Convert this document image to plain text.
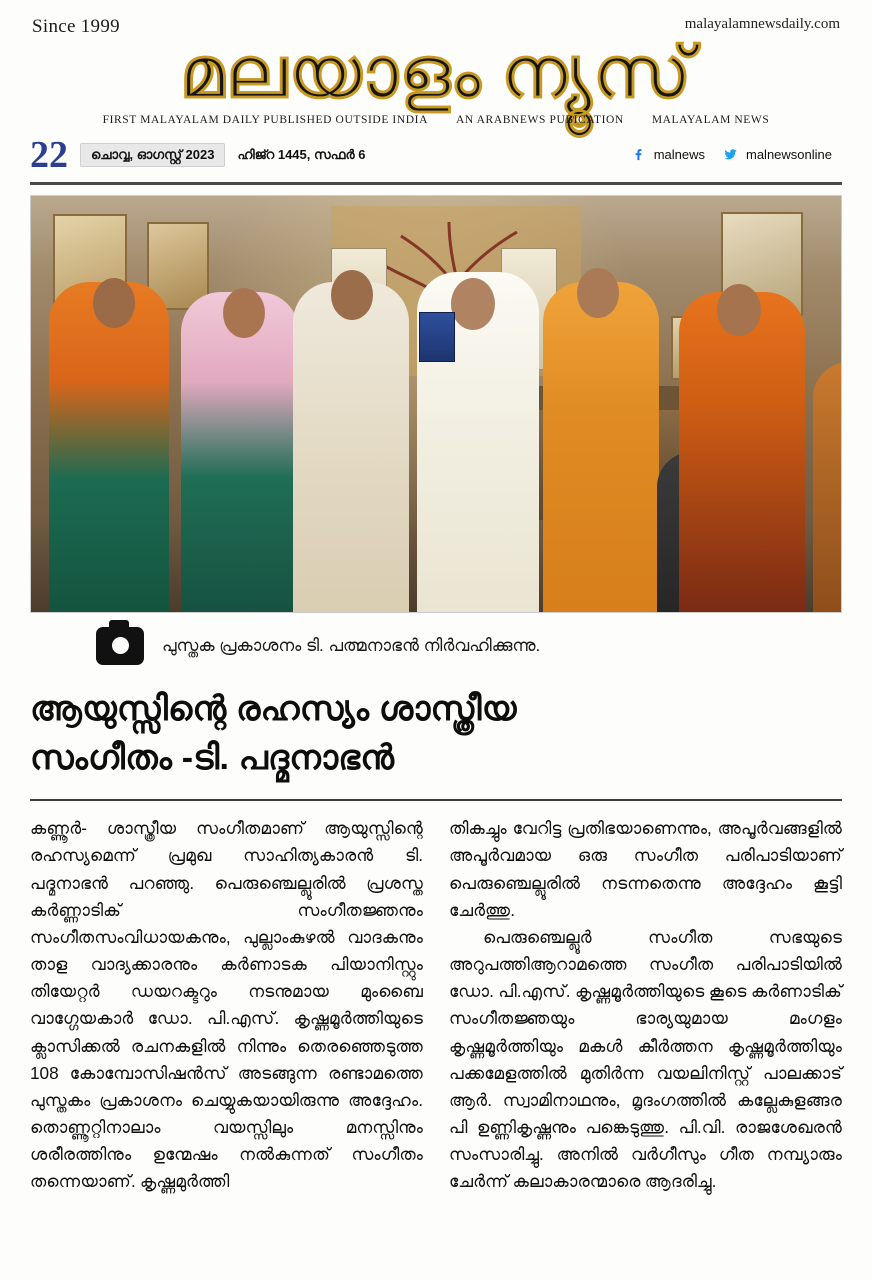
Since 1999	malayalamnewsdaily.com
മലയാളം ന്യൂസ്
FIRST MALAYALAM DAILY PUBLISHED OUTSIDE INDIA AN ARABNEWS PUBICATION MALAYALAM NEWS
22	ചൊവ്വ, ഓഗസ്റ്റ് 2023	ഹിജ്റ 1445, സഫർ 6	malnews	malnewsonline
പുസ്തക പ്രകാശനം ടി. പത്മനാഭൻ നിർവഹിക്കുന്നു.
ആയുസ്സിന്റെ രഹസ്യം ശാസ്ത്രീയ
സംഗീതം -ടി. പദ്മനാഭൻ

കണ്ണൂർ- ശാസ്ത്രീയ സംഗീതമാണ് ആയുസ്സിന്റെ രഹസ്യമെന്ന് പ്രമുഖ സാഹിത്യകാരൻ ടി. പദ്മനാഭൻ പറഞ്ഞു. പെരുഞ്ചെല്ലൂരിൽ പ്രശസ്ത കർണ്ണാടിക് സംഗീതജ്ഞനും സംഗീതസംവിധായകനും, പുല്ലാംകുഴൽ വാദകനും താള വാദ്യക്കാരനും കർണാടക പിയാനിസ്റ്റും തിയേറ്റർ ഡയറക്ടറും നടനുമായ മുംബൈ വാഗ്ഗേയകാർ ഡോ. പി.എസ്. കൃഷ്ണമൂർത്തിയുടെ ക്ലാസിക്കൽ രചനകളിൽ നിന്നും തെരഞ്ഞെടുത്ത 108 കോമ്പോസിഷൻസ് അടങ്ങുന്ന രണ്ടാമത്തെ പുസ്തകം പ്രകാശനം ചെയ്യുകയായിരുന്നു അദ്ദേഹം. തൊണ്ണൂറ്റിനാലാം വയസ്സിലും മനസ്സിനും ശരീരത്തിനും ഉന്മേഷം നൽകുന്നത് സംഗീതം തന്നെയാണ്. കൃഷ്ണമുർത്തി

തികച്ചും വേറിട്ട പ്രതിഭയാണെന്നും, അപൂർവങ്ങളിൽ അപൂർവമായ ഒരു സംഗീത പരിപാടിയാണ് പെരുഞ്ചെല്ലൂരിൽ നടന്നതെന്നു അദ്ദേഹം കൂട്ടി ചേർത്തു.

പെരുഞ്ചെല്ലൂർ സംഗീത സഭയുടെ അറുപത്തിആറാമത്തെ സംഗീത പരിപാടിയിൽ ഡോ. പി.എസ്. കൃഷ്ണമൂർത്തിയുടെ കൂടെ കർണാടിക് സംഗീതജ്ഞയും ഭാര്യയുമായ മംഗളം കൃഷ്ണമൂർത്തിയും മകൾ കീർത്തന കൃഷ്ണമൂർത്തിയും പക്കമേളത്തിൽ മുതിർന്ന വയലിനിസ്റ്റ് പാലക്കാട് ആർ. സ്വാമിനാഥനും, മൃദംഗത്തിൽ കല്ലേകുളങ്ങര പി ഉണ്ണികൃഷ്ണനും പങ്കെടുത്തു. പി.വി. രാജശേഖരൻ സംസാരിച്ചു. അനിൽ വർഗീസും ഗീത നമ്പ്യാരും ചേർന്ന് കലാകാരന്മാരെ ആദരിച്ചു.
